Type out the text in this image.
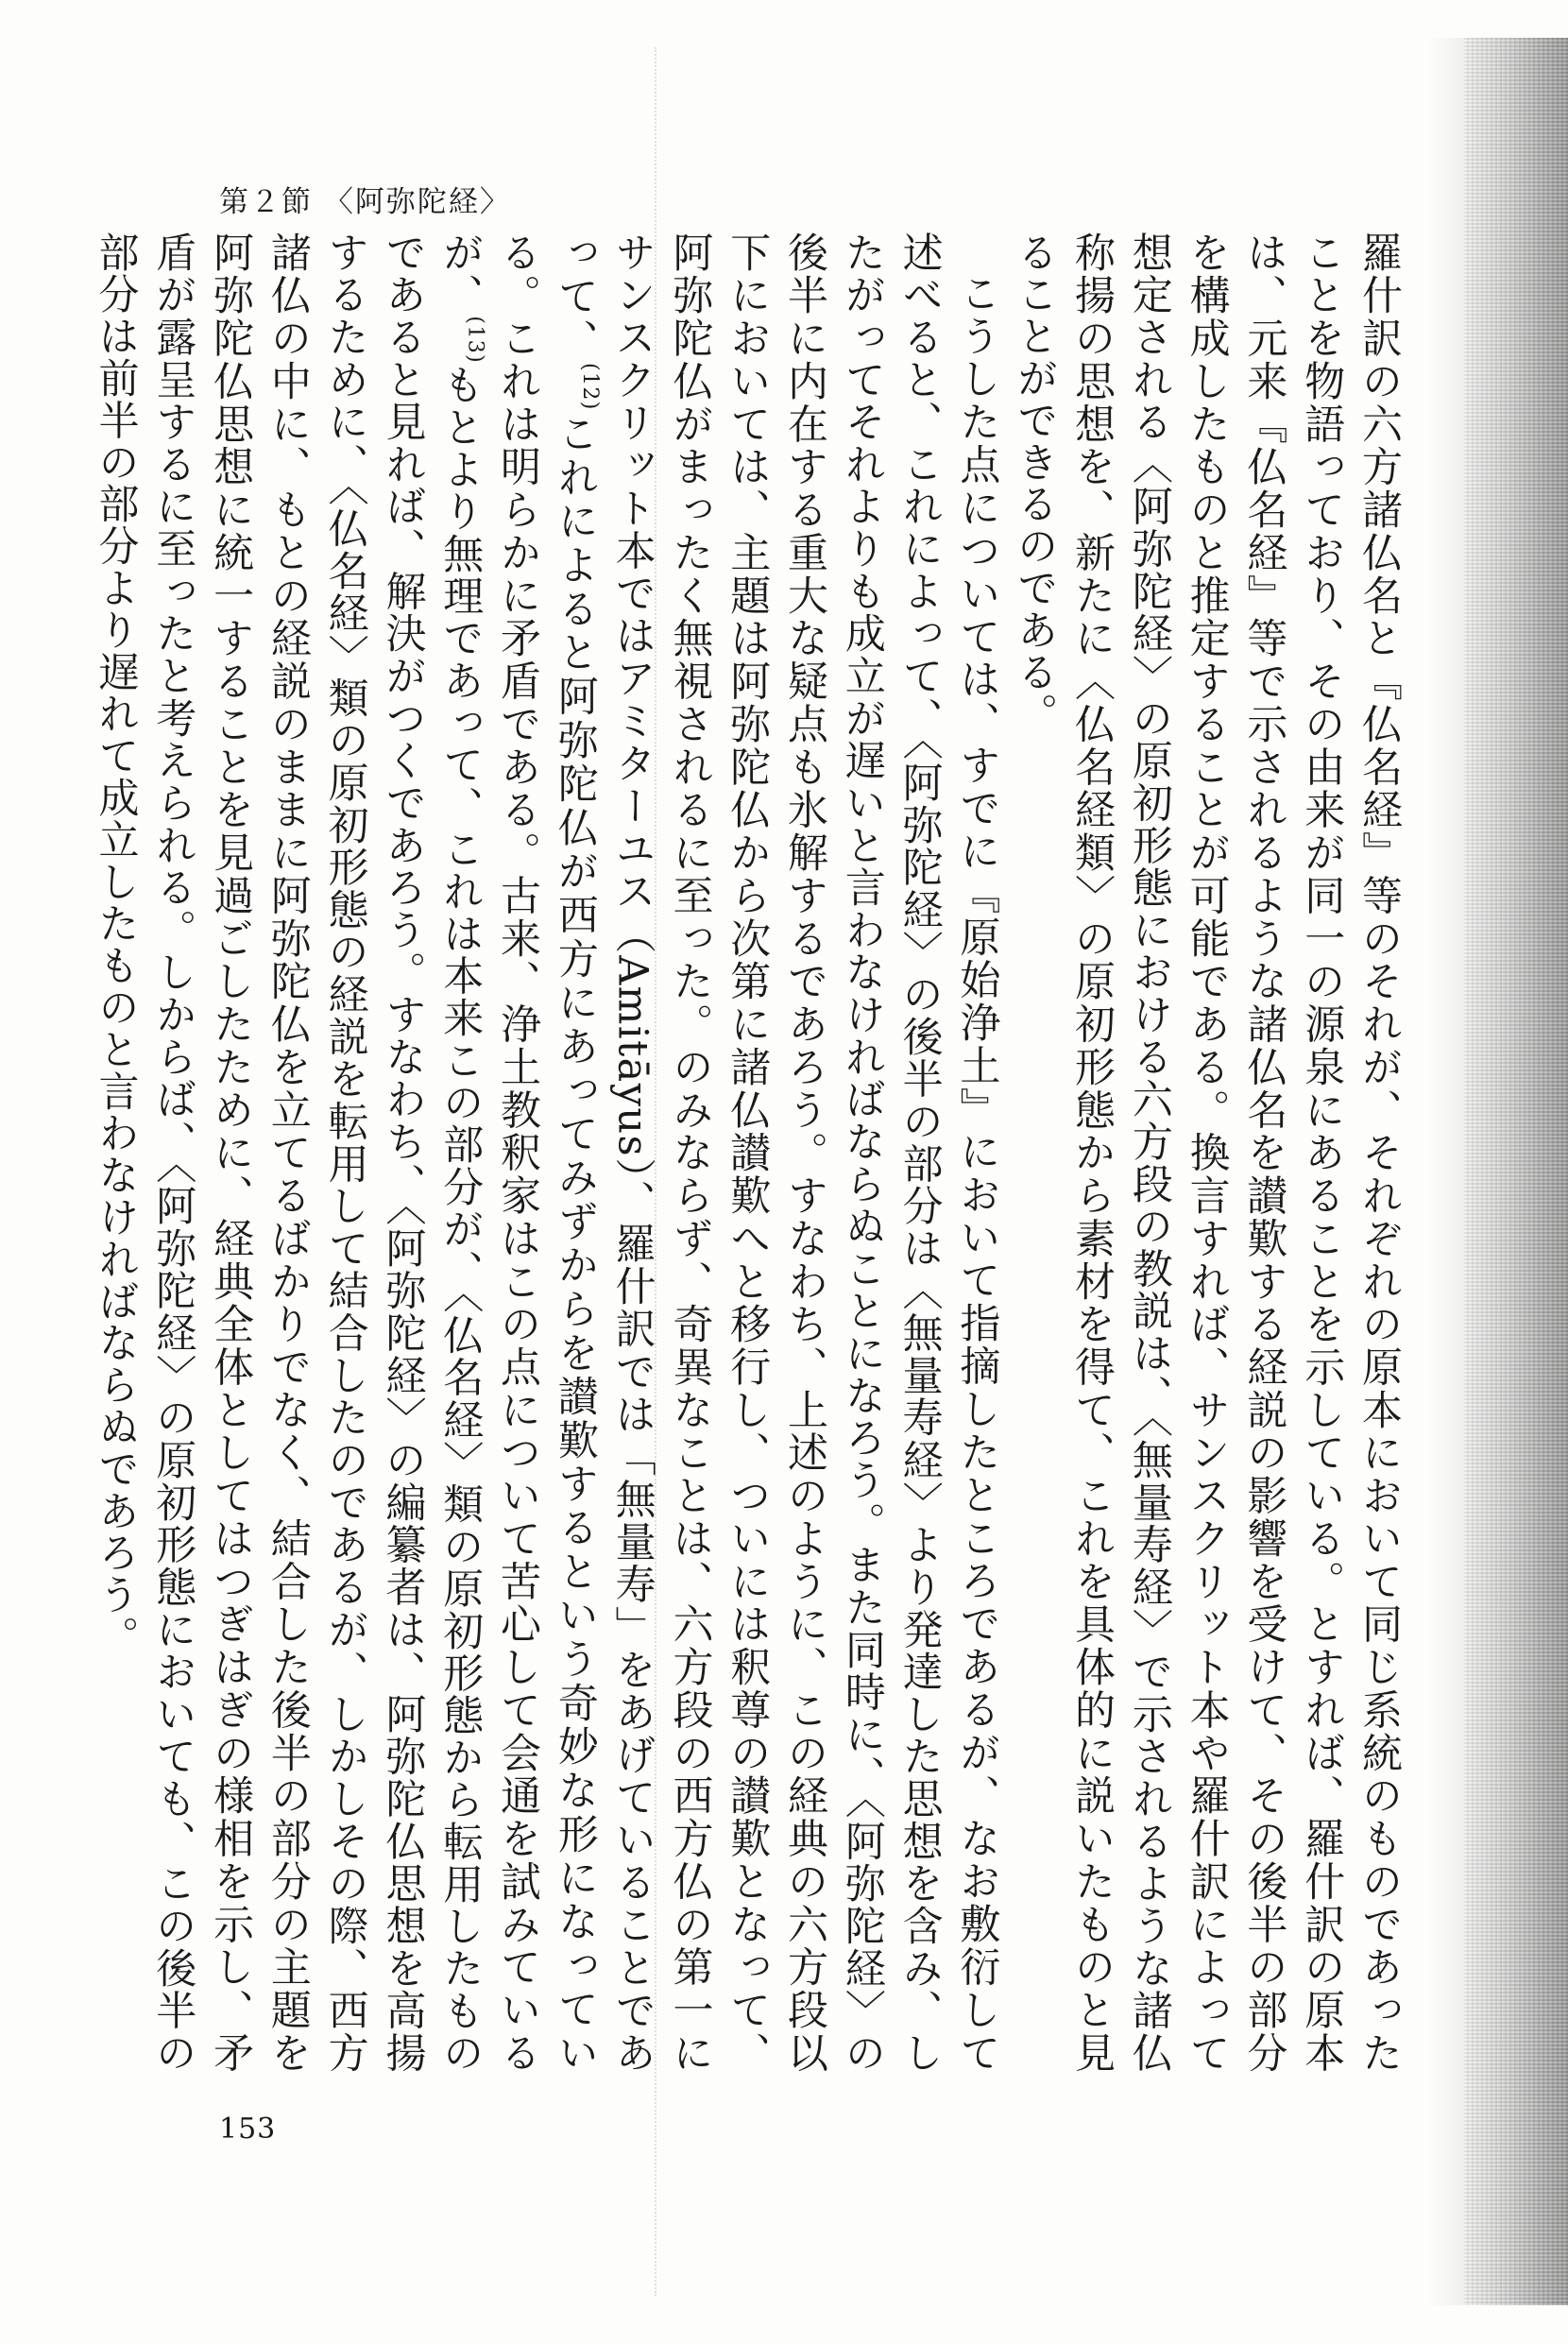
第２節 〈阿弥陀経〉

羅什訳の六方諸仏名と『仏名経』等のそれが、それぞれの原本において同じ系統のものであったことを物語っており、その由来が同一の源泉にあることを示している。とすれば、羅什訳の原本は、元来『仏名経』等で示されるような諸仏名を讃歎する経説の影響を受けて、その後半の部分を構成したものと推定することが可能である。換言すれば、サンスクリット本や羅什訳によって想定される〈阿弥陀経〉の原初形態における六方段の教説は、〈無量寿経〉で示されるような諸仏称揚の思想を、新たに〈仏名経類〉の原初形態から素材を得て、これを具体的に説いたものと見ることができるのである。

こうした点については、すでに『原始浄土』において指摘したところであるが、なお敷衍して述べると、これによって、〈阿弥陀経〉の後半の部分は〈無量寿経〉より発達した思想を含み、したがってそれよりも成立が遅いと言わなければならぬことになろう。また同時に、〈阿弥陀経〉の後半に内在する重大な疑点も氷解するであろう。すなわち、上述のように、この経典の六方段以下においては、主題は阿弥陀仏から次第に諸仏讃歎へと移行し、ついには釈尊の讃歎となって、阿弥陀仏がまったく無視されるに至った。のみならず、奇異なことは、六方段の西方仏の第一にサンスクリット本ではアミターユス（Amitāyus）、羅什訳では「無量寿」をあげていることであって、$^{(12)}$これによると阿弥陀仏が西方にあってみずからを讃歎するという奇妙な形になっている。これは明らかに矛盾である。古来、浄土教釈家はこの点について苦心して会通を試みているが、$^{(13)}$もとより無理であって、これは本来この部分が、〈仏名経〉類の原初形態から転用したものであると見れば、解決がつくであろう。すなわち、〈阿弥陀経〉の編纂者は、阿弥陀仏思想を高揚するために、〈仏名経〉類の原初形態の経説を転用して結合したのであるが、しかしその際、西方諸仏の中に、もとの経説のままに阿弥陀仏を立てるばかりでなく、結合した後半の部分の主題を阿弥陀仏思想に統一することを見過ごしたために、経典全体としてはつぎはぎの様相を示し、矛盾が露呈するに至ったと考えられる。しからば、〈阿弥陀経〉の原初形態においても、この後半の部分は前半の部分より遅れて成立したものと言わなければならぬであろう。

153
